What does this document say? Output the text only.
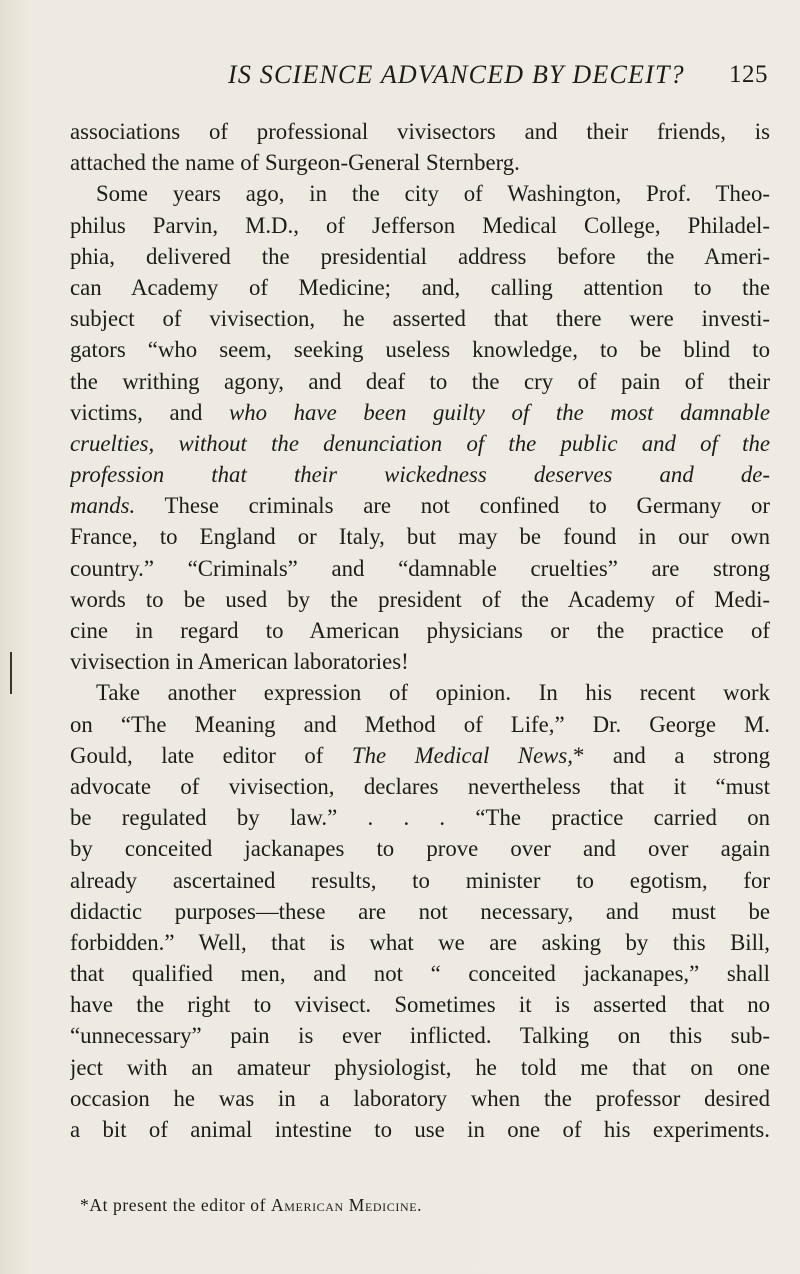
IS SCIENCE ADVANCED BY DECEIT? 125
associations of professional vivisectors and their friends, is
attached the name of Surgeon-General Sternberg.
Some years ago, in the city of Washington, Prof. Theo-
philus Parvin, M.D., of Jefferson Medical College, Philadel-
phia, delivered the presidential address before the Ameri-
can Academy of Medicine; and, calling attention to the
subject of vivisection, he asserted that there were investi-
gators “who seem, seeking useless knowledge, to be blind to
the writhing agony, and deaf to the cry of pain of their
victims, and who have been guilty of the most damnable
cruelties, without the denunciation of the public and of the
profession that their wickedness deserves and de-
mands. These criminals are not confined to Germany or
France, to England or Italy, but may be found in our own
country.” “Criminals” and “damnable cruelties” are strong
words to be used by the president of the Academy of Medi-
cine in regard to American physicians or the practice of
vivisection in American laboratories!
Take another expression of opinion. In his recent work
on “The Meaning and Method of Life,” Dr. George M.
Gould, late editor of The Medical News,* and a strong
advocate of vivisection, declares nevertheless that it “must
be regulated by law.” . . . “The practice carried on
by conceited jackanapes to prove over and over again
already ascertained results, to minister to egotism, for
didactic purposes—these are not necessary, and must be
forbidden.” Well, that is what we are asking by this Bill,
that qualified men, and not “ conceited jackanapes,” shall
have the right to vivisect. Sometimes it is asserted that no
“unnecessary” pain is ever inflicted. Talking on this sub-
ject with an amateur physiologist, he told me that on one
occasion he was in a laboratory when the professor desired
a bit of animal intestine to use in one of his experiments.
*At present the editor of American Medicine.
